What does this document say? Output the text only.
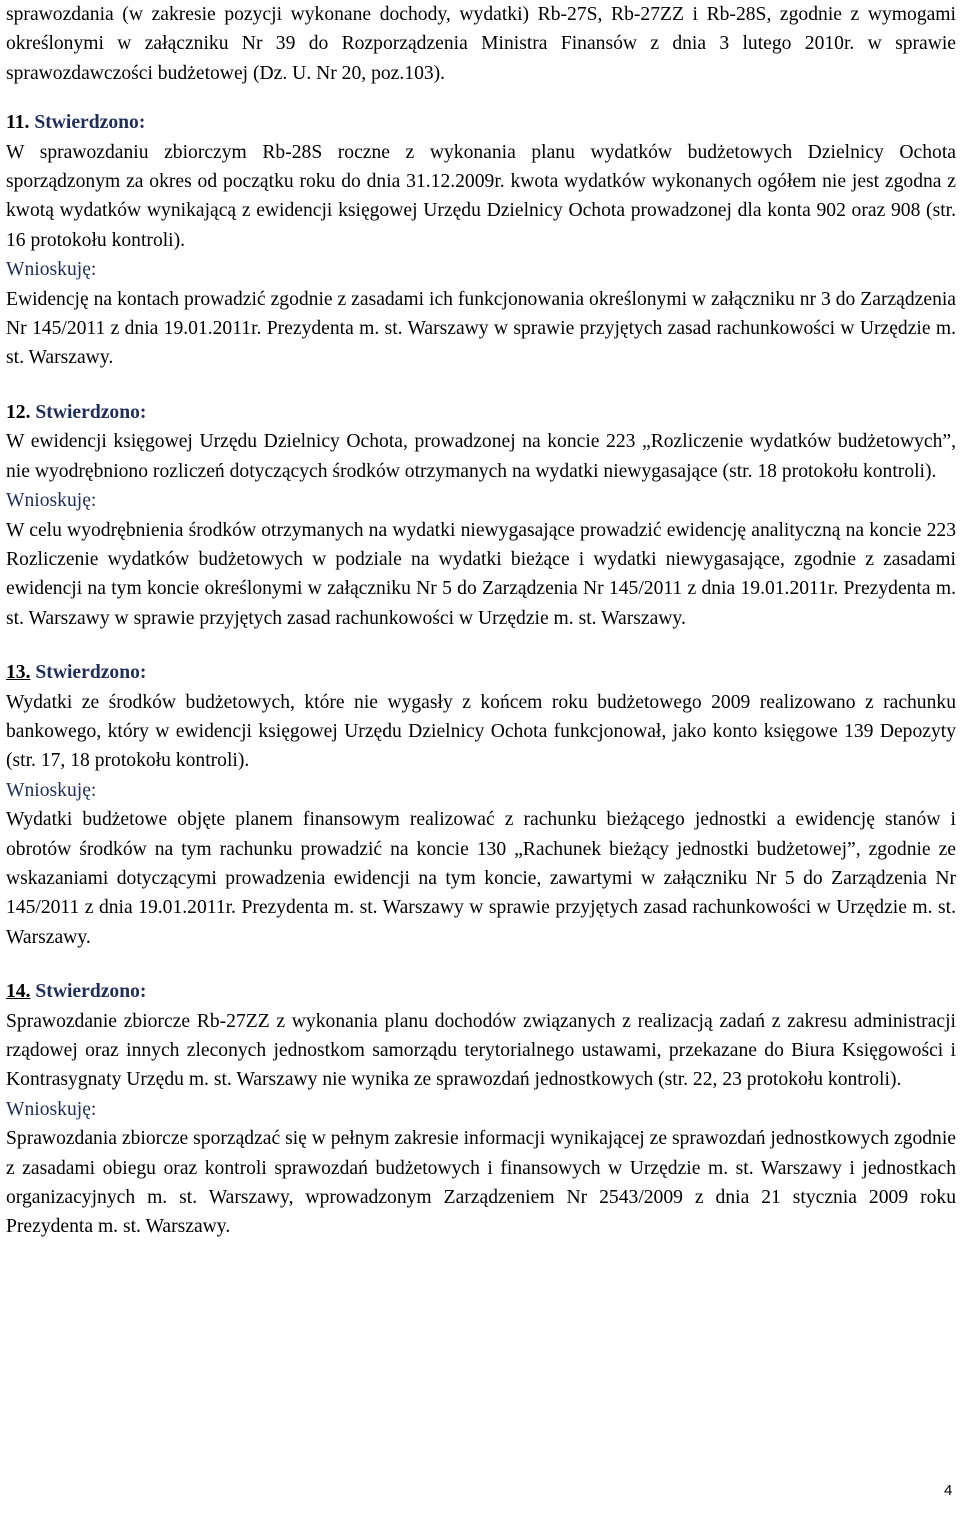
sprawozdania (w zakresie pozycji wykonane dochody, wydatki) Rb-27S, Rb-27ZZ i Rb-28S, zgodnie z wymogami określonymi w załączniku Nr 39 do Rozporządzenia Ministra Finansów z dnia 3 lutego 2010r. w sprawie sprawozdawczości budżetowej (Dz. U. Nr 20, poz.103).

11. Stwierdzono:

W sprawozdaniu zbiorczym Rb-28S roczne z wykonania planu wydatków budżetowych Dzielnicy Ochota sporządzonym za okres od początku roku do dnia 31.12.2009r. kwota wydatków wykonanych ogółem nie jest zgodna z kwotą wydatków wynikającą z ewidencji księgowej Urzędu Dzielnicy Ochota prowadzonej dla konta 902 oraz 908 (str. 16 protokołu kontroli).

Wnioskuję:

Ewidencję na kontach prowadzić zgodnie z zasadami ich funkcjonowania określonymi w załączniku nr 3 do Zarządzenia Nr 145/2011 z dnia 19.01.2011r. Prezydenta m. st. Warszawy w sprawie przyjętych zasad rachunkowości w Urzędzie m. st. Warszawy.

12. Stwierdzono:

W ewidencji księgowej Urzędu Dzielnicy Ochota, prowadzonej na koncie 223 „Rozliczenie wydatków budżetowych”, nie wyodrębniono rozliczeń dotyczących środków otrzymanych na wydatki niewygasające (str. 18 protokołu kontroli).

Wnioskuję:

W celu wyodrębnienia środków otrzymanych na wydatki niewygasające prowadzić ewidencję analityczną na koncie 223 Rozliczenie wydatków budżetowych w podziale na wydatki bieżące i wydatki niewygasające, zgodnie z zasadami ewidencji na tym koncie określonymi w załączniku Nr 5 do Zarządzenia Nr 145/2011 z dnia 19.01.2011r. Prezydenta m. st. Warszawy w sprawie przyjętych zasad rachunkowości w Urzędzie m. st. Warszawy.

13. Stwierdzono:

Wydatki ze środków budżetowych, które nie wygasły z końcem roku budżetowego 2009 realizowano z rachunku bankowego, który w ewidencji księgowej Urzędu Dzielnicy Ochota funkcjonował, jako konto księgowe 139 Depozyty (str. 17, 18 protokołu kontroli).

Wnioskuję:

Wydatki budżetowe objęte planem finansowym realizować z rachunku bieżącego jednostki a ewidencję stanów i obrotów środków na tym rachunku prowadzić na koncie 130 „Rachunek bieżący jednostki budżetowej”, zgodnie ze wskazaniami dotyczącymi prowadzenia ewidencji na tym koncie, zawartymi w załączniku Nr 5 do Zarządzenia Nr 145/2011 z dnia 19.01.2011r. Prezydenta m. st. Warszawy w sprawie przyjętych zasad rachunkowości w Urzędzie m. st. Warszawy.

14. Stwierdzono:

Sprawozdanie zbiorcze Rb-27ZZ z wykonania planu dochodów związanych z realizacją zadań z zakresu administracji rządowej oraz innych zleconych jednostkom samorządu terytorialnego ustawami, przekazane do Biura Księgowości i Kontrasygnaty Urzędu m. st. Warszawy nie wynika ze sprawozdań jednostkowych (str. 22, 23 protokołu kontroli).

Wnioskuję:

Sprawozdania zbiorcze sporządzać się w pełnym zakresie informacji wynikającej ze sprawozdań jednostkowych zgodnie z zasadami obiegu oraz kontroli sprawozdań budżetowych i finansowych w Urzędzie m. st. Warszawy i jednostkach organizacyjnych m. st. Warszawy, wprowadzonym Zarządzeniem Nr 2543/2009 z dnia 21 stycznia 2009 roku Prezydenta m. st. Warszawy.

4
